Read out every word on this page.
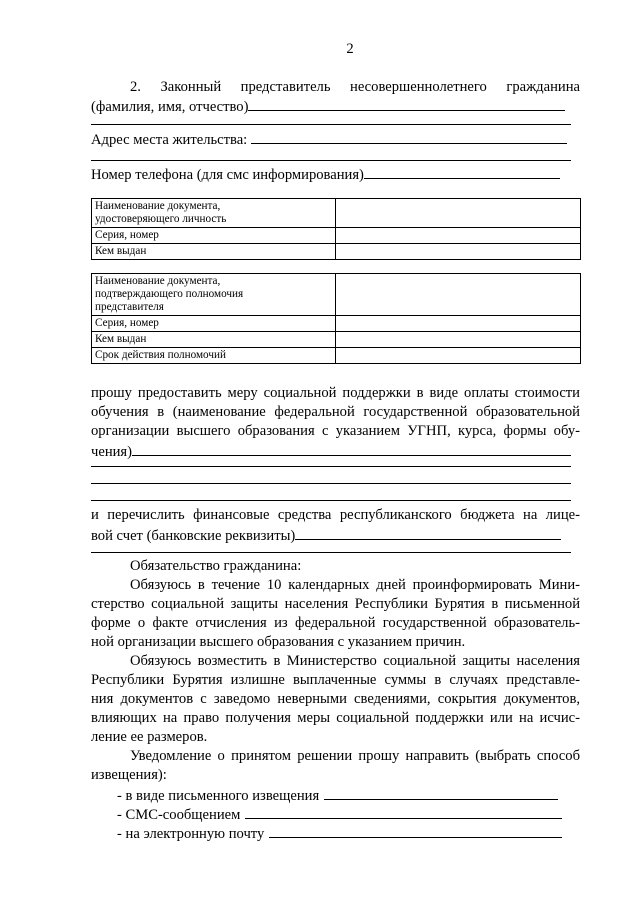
2
2. Законный представитель несовершеннолетнего гражданина
(фамилия, имя, отчество)
Адрес места жительства:
Номер телефона (для смс информирования)
Наименование документа,
удостоверяющего личность	
Серия, номер	
Кем выдан	
Наименование документа,
подтверждающего полномочия
представителя	
Серия, номер	
Кем выдан	
Срок действия полномочий	
прошу предоставить меру социальной поддержки в виде оплаты стоимости
обучения в (наименование федеральной государственной образовательной
организации высшего образования с указанием УГНП, курса, формы обу-
чения)
и перечислить финансовые средства республиканского бюджета на лице-
вой счет (банковские реквизиты)
Обязательство гражданина:
Обязуюсь в течение 10 календарных дней проинформировать Мини-
стерство социальной защиты населения Республики Бурятия в письменной
форме о факте отчисления из федеральной государственной образователь-
ной организации высшего образования с указанием причин.
Обязуюсь возместить в Министерство социальной защиты населения
Республики Бурятия излишне выплаченные суммы в случаях представле-
ния документов с заведомо неверными сведениями, сокрытия документов,
влияющих на право получения меры социальной поддержки или на исчис-
ление ее размеров.
Уведомление о принятом решении прошу направить (выбрать способ
извещения):
- в виде письменного извещения
- СМС-сообщением
- на электронную почту
